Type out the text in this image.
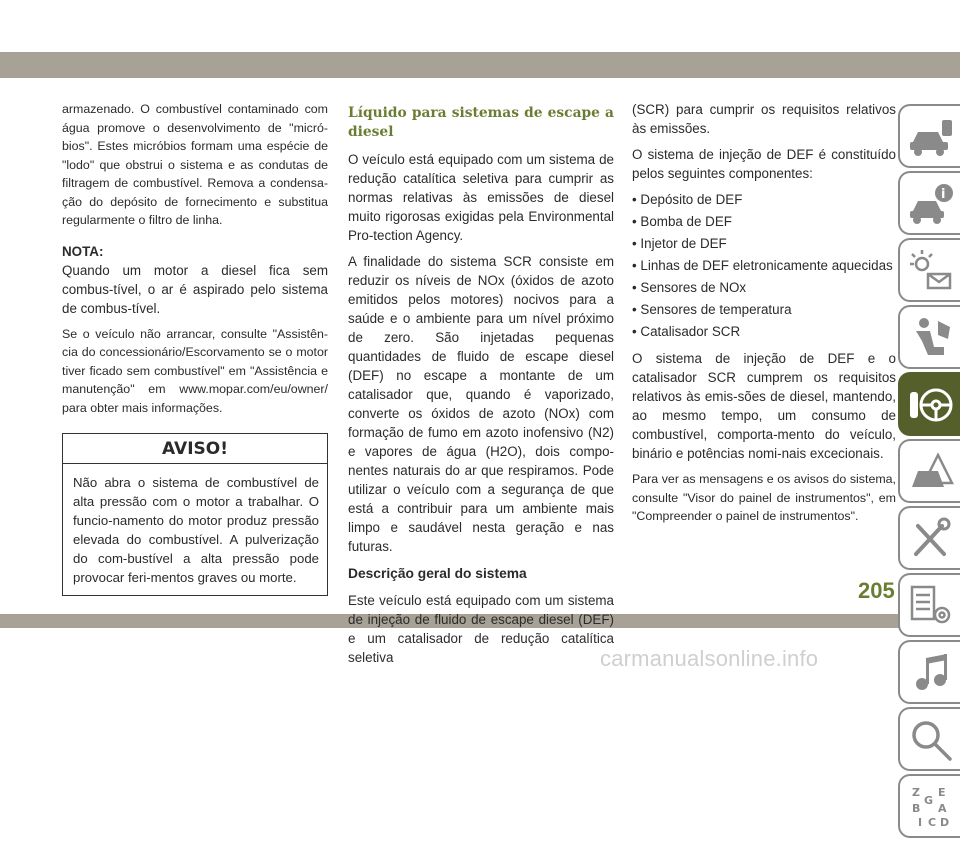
armazenado. O combustível contaminado com água promove o desenvolvimento de "micró-bios". Estes micróbios formam uma espécie de "lodo" que obstrui o sistema e as condutas de filtragem de combustível. Remova a condensa-ção do depósito de fornecimento e substitua regularmente o filtro de linha.

NOTA:

Quando um motor a diesel fica sem combus-tível, o ar é aspirado pelo sistema de combus-tível.

Se o veículo não arrancar, consulte "Assistên-cia do concessionário/Escorvamento se o motor tiver ficado sem combustível" em "Assistência e manutenção" em www.mopar.com/eu/owner/ para obter mais informações.

AVISO!
Não abra o sistema de combustível de alta pressão com o motor a trabalhar. O funcio-namento do motor produz pressão elevada do combustível. A pulverização do com-bustível a alta pressão pode provocar feri-mentos graves ou morte.
Líquido para sistemas de escape a diesel

O veículo está equipado com um sistema de redução catalítica seletiva para cumprir as normas relativas às emissões de diesel muito rigorosas exigidas pela Environmental Pro-tection Agency.

A finalidade do sistema SCR consiste em reduzir os níveis de NOx (óxidos de azoto emitidos pelos motores) nocivos para a saúde e o ambiente para um nível próximo de zero. São injetadas pequenas quantidades de fluido de escape diesel (DEF) no escape a montante de um catalisador que, quando é vaporizado, converte os óxidos de azoto (NOx) com formação de fumo em azoto inofensivo (N2) e vapores de água (H2O), dois compo-nentes naturais do ar que respiramos. Pode utilizar o veículo com a segurança de que está a contribuir para um ambiente mais limpo e saudável nesta geração e nas futuras.

Descrição geral do sistema

Este veículo está equipado com um sistema de injeção de fluido de escape diesel (DEF) e um catalisador de redução catalítica seletiva

(SCR) para cumprir os requisitos relativos às emissões.

O sistema de injeção de DEF é constituído pelos seguintes componentes:

• Depósito de DEF
• Bomba de DEF
• Injetor de DEF
• Linhas de DEF eletronicamente aquecidas
• Sensores de NOx
• Sensores de temperatura
• Catalisador SCR

O sistema de injeção de DEF e o catalisador SCR cumprem os requisitos relativos às emis-sões de diesel, mantendo, ao mesmo tempo, um consumo de combustível, comporta-mento do veículo, binário e potências nomi-nais excecionais.

Para ver as mensagens e os avisos do sistema, consulte "Visor do painel de instrumentos", em "Compreender o painel de instrumentos".

i
Z E
B A
G
I C D
205
carmanualsonline.info
